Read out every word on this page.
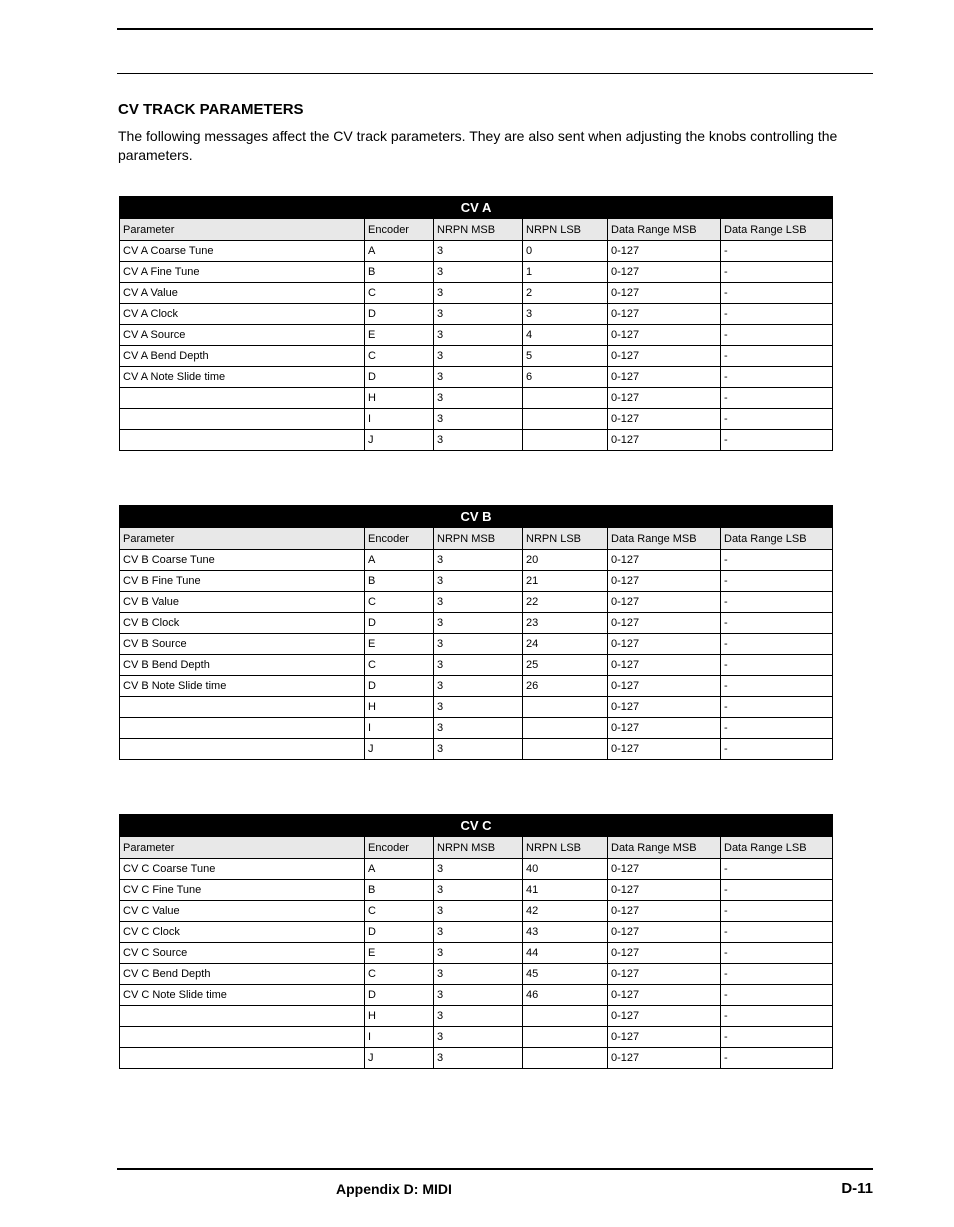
CV TRACK PARAMETERS
The following messages affect the CV track parameters. They are also sent when adjusting the knobs controlling the parameters.
CV A					
Parameter	Encoder	NRPN MSB	NRPN LSB	Data Range MSB	Data Range LSB
CV A Coarse Tune	A	3	0	0-127	-
CV A Fine Tune	B	3	1	0-127	-
CV A Value	C	3	2	0-127	-
CV A Clock	D	3	3	0-127	-
CV A Source	E	3	4	0-127	-
CV A Bend Depth	C	3	5	0-127	-
CV A Note Slide time	D	3	6	0-127	-
	H	3		0-127	-
	I	3		0-127	-
	J	3		0-127	-
CV B					
Parameter	Encoder	NRPN MSB	NRPN LSB	Data Range MSB	Data Range LSB
CV B Coarse Tune	A	3	20	0-127	-
CV B Fine Tune	B	3	21	0-127	-
CV B Value	C	3	22	0-127	-
CV B Clock	D	3	23	0-127	-
CV B Source	E	3	24	0-127	-
CV B Bend Depth	C	3	25	0-127	-
CV B Note Slide time	D	3	26	0-127	-
	H	3		0-127	-
	I	3		0-127	-
	J	3		0-127	-
CV C					
Parameter	Encoder	NRPN MSB	NRPN LSB	Data Range MSB	Data Range LSB
CV C Coarse Tune	A	3	40	0-127	-
CV C Fine Tune	B	3	41	0-127	-
CV C Value	C	3	42	0-127	-
CV C Clock	D	3	43	0-127	-
CV C Source	E	3	44	0-127	-
CV C Bend Depth	C	3	45	0-127	-
CV C Note Slide time	D	3	46	0-127	-
	H	3		0-127	-
	I	3		0-127	-
	J	3		0-127	-
Appendix D: MIDI	D-11
